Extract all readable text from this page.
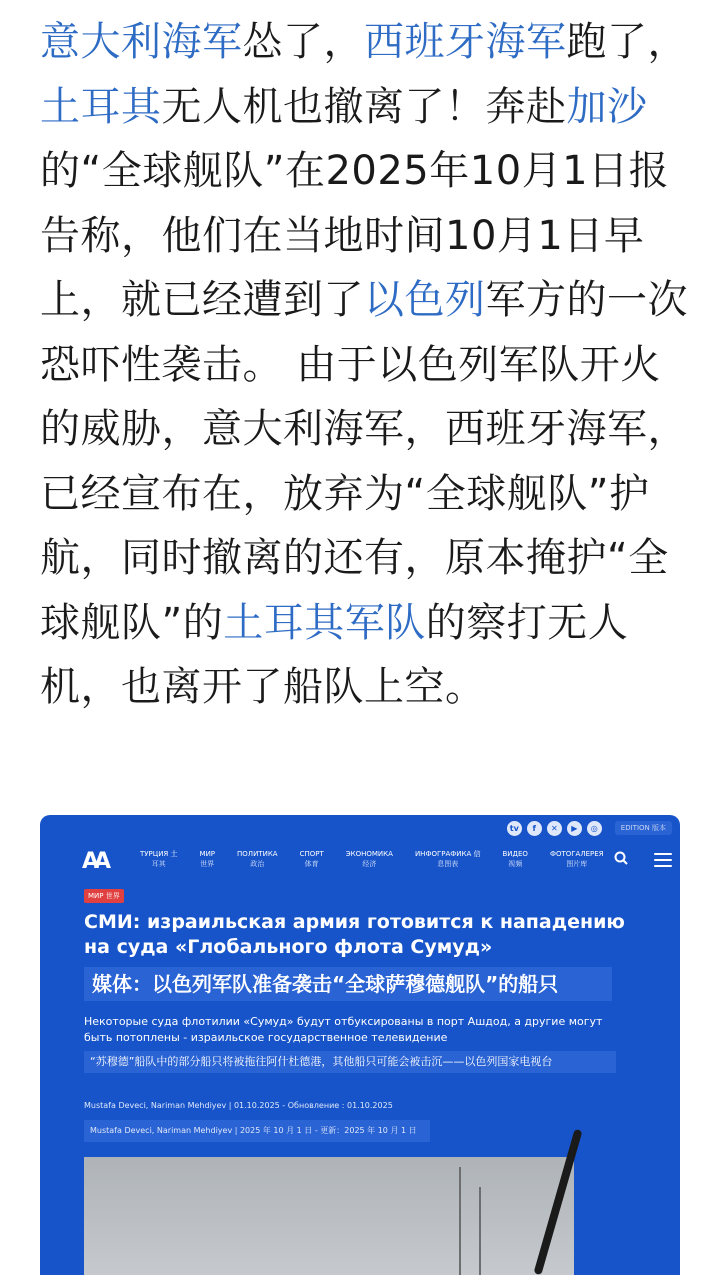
意大利海军怂了，西班牙海军跑了，土耳其无人机也撤离了！奔赴加沙的“全球舰队”在2025年10月1日报告称，他们在当地时间10月1日早上，就已经遭到了以色列军方的一次恐吓性袭击。 由于以色列军队开火的威胁，意大利海军，西班牙海军，已经宣布在，放弃为“全球舰队”护航，同时撤离的还有，原本掩护“全球舰队”的土耳其军队的察打无人机，也离开了船队上空。
tv	f	✕	▶	◎	EDITION 版本
AA	ТУРЦИЯ 土
耳其
МИР
世界
ПОЛИТИКА
政治
СПОРТ
体育
ЭКОНОМИКА
经济
ИНФОГРАФИКА 信
息图表
ВИДЕО
视频
ФОТОГАЛЕРЕЯ
图片库
МИР 世界
СМИ: израильская армия готовится к нападению на суда «Глобального флота Сумуд»
媒体：以色列军队准备袭击“全球萨穆德舰队”的船只
Некоторые суда флотилии «Сумуд» будут отбуксированы в порт Ашдод, а другие могут быть потоплены - израильское государственное телевидение
“苏穆德”船队中的部分船只将被拖往阿什杜德港，其他船只可能会被击沉——以色列国家电视台
Mustafa Deveci, Nariman Mehdiyev | 01.10.2025 - Обновление : 01.10.2025
Mustafa Deveci, Nariman Mehdiyev | 2025 年 10 月 1 日 - 更新：2025 年 10 月 1 日
